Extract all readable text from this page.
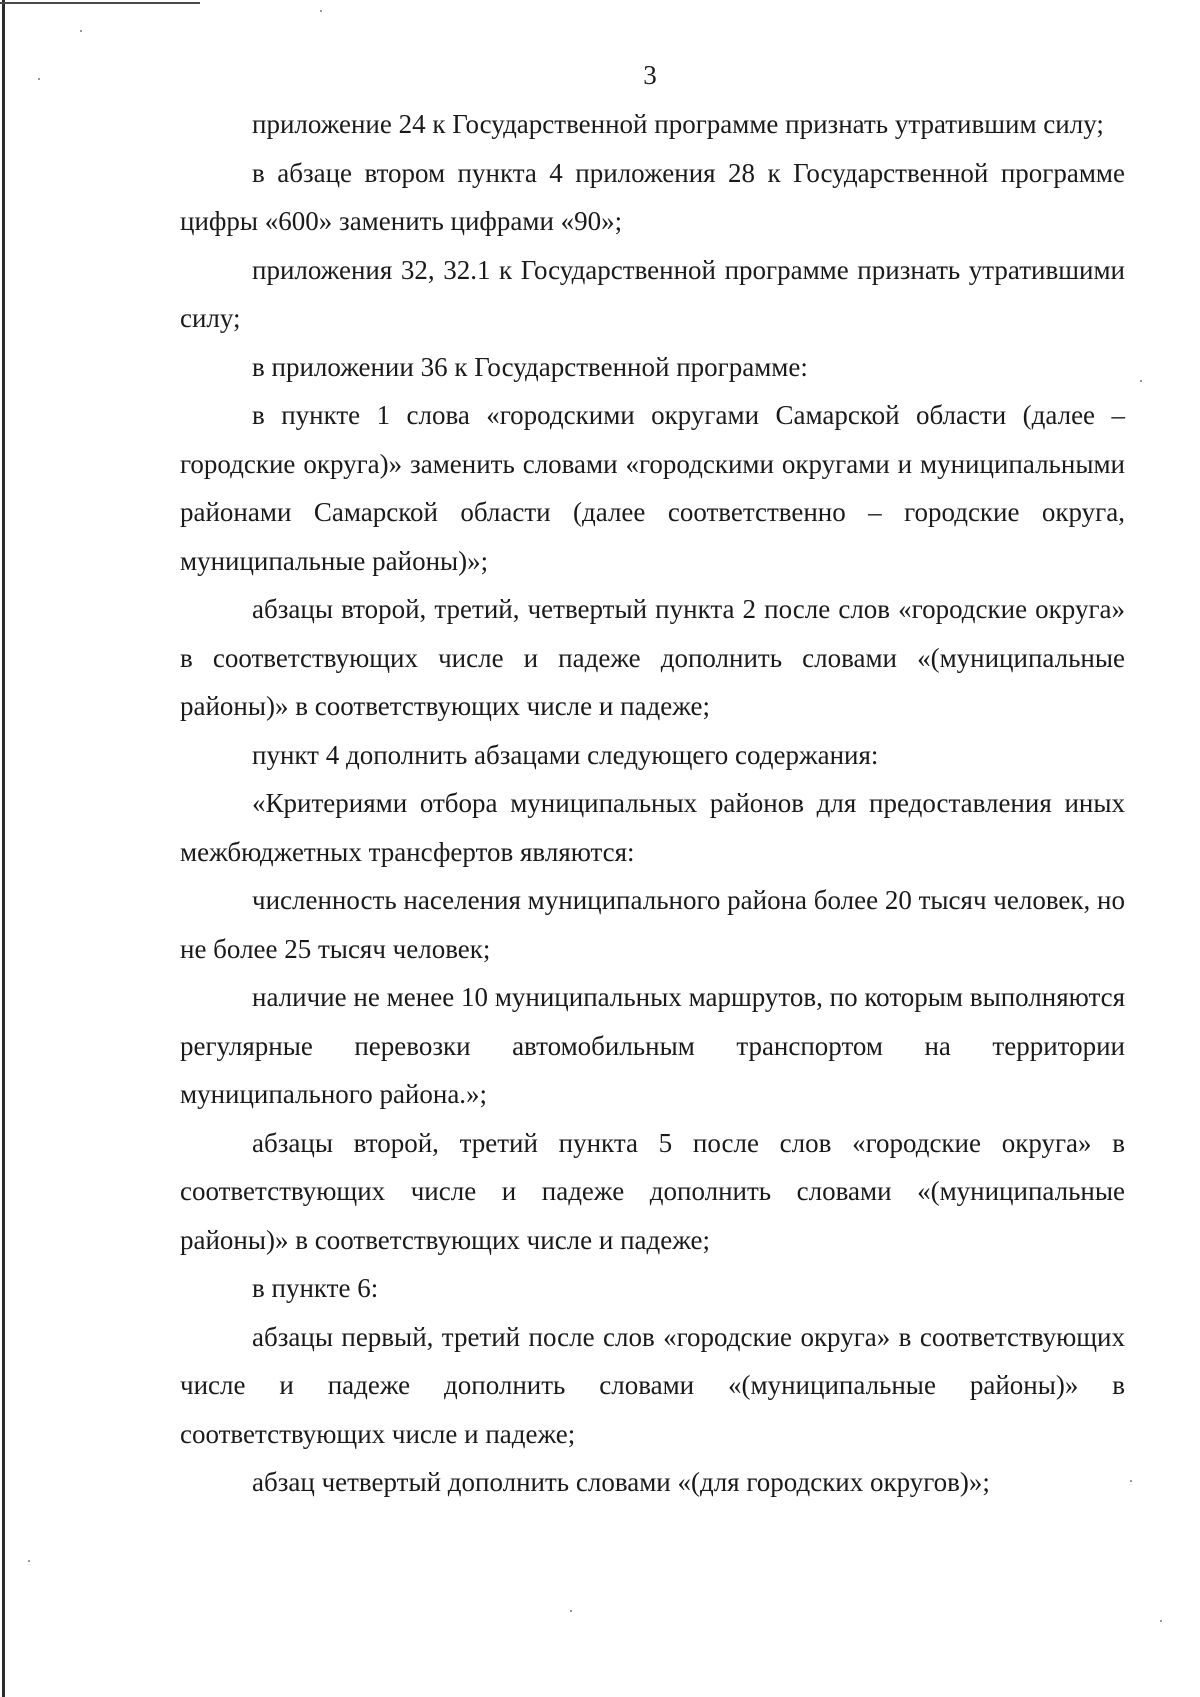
3

приложение 24 к Государственной программе признать утратившим силу;

в абзаце втором пункта 4 приложения 28 к Государственной программе цифры «600» заменить цифрами «90»;

приложения 32, 32.1 к Государственной программе признать утратившими силу;

в приложении 36 к Государственной программе:

в пункте 1 слова «городскими округами Самарской области (далее – городские округа)» заменить словами «городскими округами и муниципальными районами Самарской области (далее соответственно – городские округа, муниципальные районы)»;

абзацы второй, третий, четвертый пункта 2 после слов «городские округа» в соответствующих числе и падеже дополнить словами «(муниципальные районы)» в соответствующих числе и падеже;

пункт 4 дополнить абзацами следующего содержания:

«Критериями отбора муниципальных районов для предоставления иных межбюджетных трансфертов являются:

численность населения муниципального района более 20 тысяч человек, но не более 25 тысяч человек;

наличие не менее 10 муниципальных маршрутов, по которым выполняются регулярные перевозки автомобильным транспортом на территории муниципального района.»;

абзацы второй, третий пункта 5 после слов «городские округа» в соответствующих числе и падеже дополнить словами «(муниципальные районы)» в соответствующих числе и падеже;

в пункте 6:

абзацы первый, третий после слов «городские округа» в соответствующих числе и падеже дополнить словами «(муниципальные районы)» в соответствующих числе и падеже;

абзац четвертый дополнить словами «(для городских округов)»;
